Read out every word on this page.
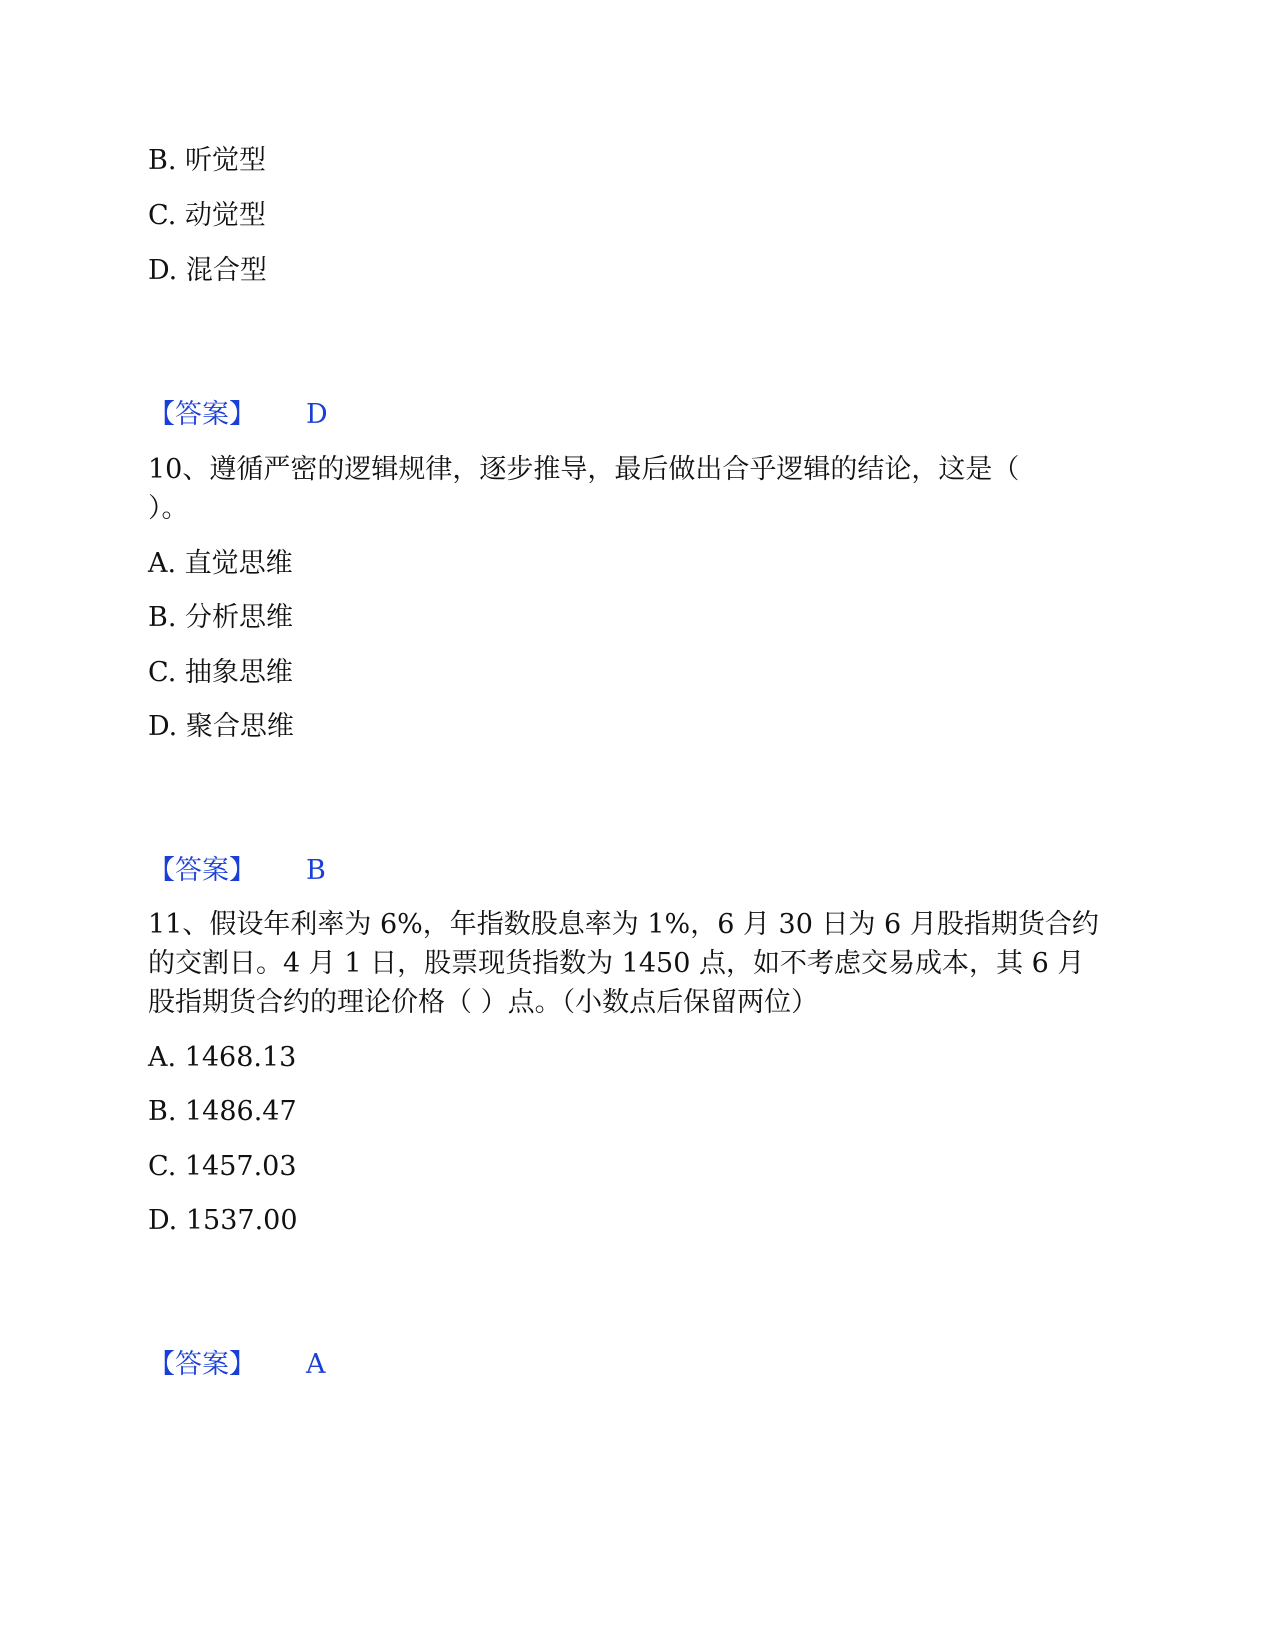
B. 听觉型
C. 动觉型
D. 混合型
【答案】 D
10、遵循严密的逻辑规律，逐步推导，最后做出合乎逻辑的结论，这是（
）。
A. 直觉思维
B. 分析思维
C. 抽象思维
D. 聚合思维
【答案】 B
11、假设年利率为 6%，年指数股息率为 1%，6 月 30 日为 6 月股指期货合约
的交割日。4 月 1 日，股票现货指数为 1450 点，如不考虑交易成本，其 6 月
股指期货合约的理论价格（ ）点。（小数点后保留两位）
A. 1468.13
B. 1486.47
C. 1457.03
D. 1537.00
【答案】 A
